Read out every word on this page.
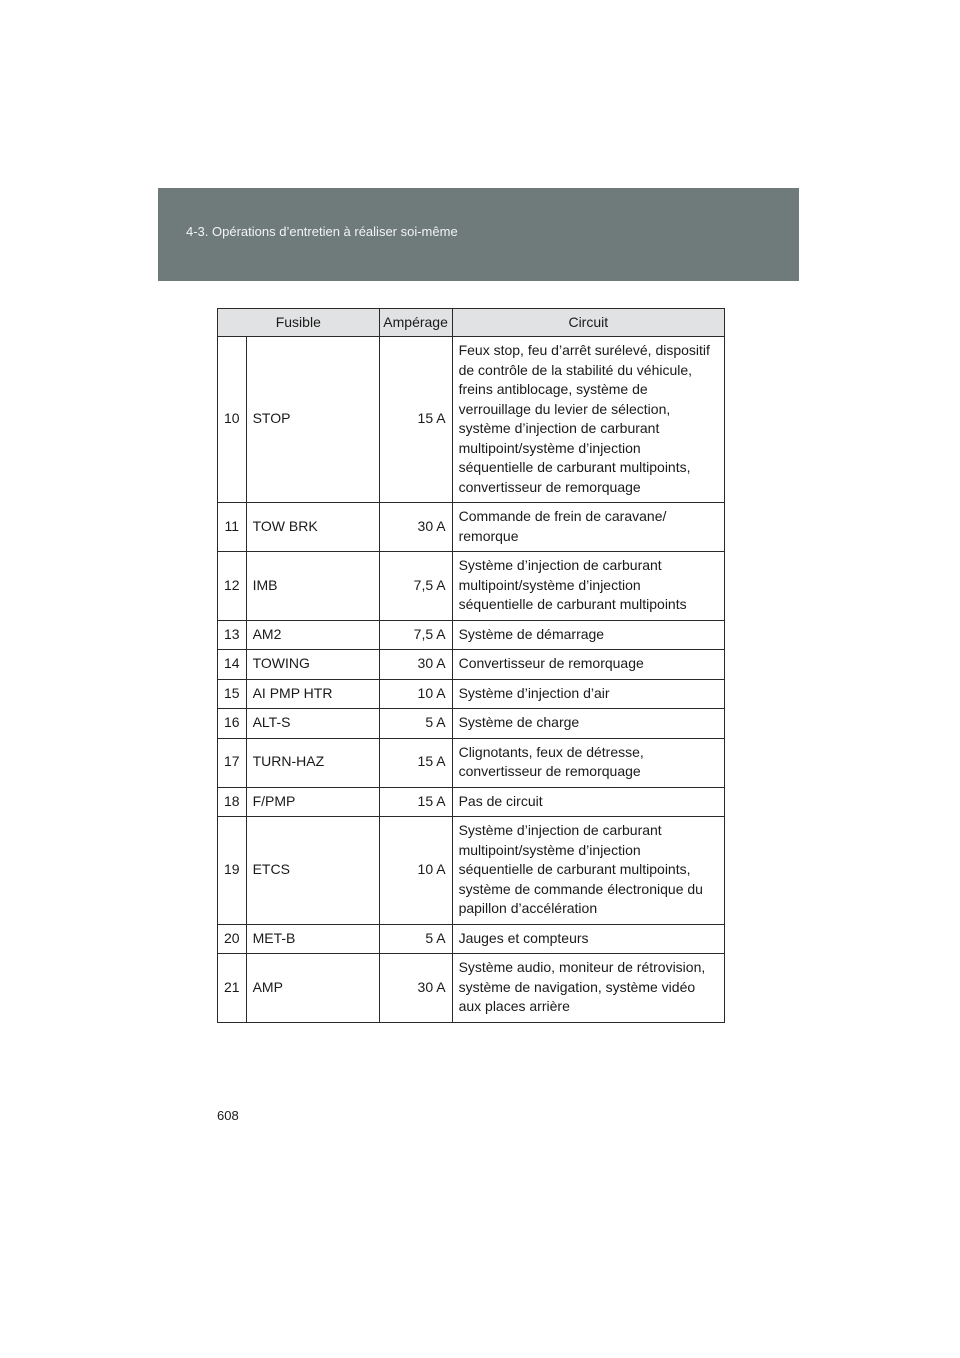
4-3. Opérations d’entretien à réaliser soi-même
Fusible		Ampérage	Circuit
10	STOP	15 A	Feux stop, feu d’arrêt surélevé, dispositif de contrôle de la stabilité du véhicule, freins antiblocage, système de verrouillage du levier de sélection, système d’injection de carburant multipoint/système d’injection séquentielle de carburant multipoints, convertisseur de remorquage
11	TOW BRK	30 A	Commande de frein de caravane/ remorque
12	IMB	7,5 A	Système d’injection de carburant multipoint/système d’injection séquentielle de carburant multipoints
13	AM2	7,5 A	Système de démarrage
14	TOWING	30 A	Convertisseur de remorquage
15	AI PMP HTR	10 A	Système d’injection d’air
16	ALT-S	5 A	Système de charge
17	TURN-HAZ	15 A	Clignotants, feux de détresse, convertisseur de remorquage
18	F/PMP	15 A	Pas de circuit
19	ETCS	10 A	Système d’injection de carburant multipoint/système d’injection séquentielle de carburant multipoints, système de commande électronique du papillon d’accélération
20	MET-B	5 A	Jauges et compteurs
21	AMP	30 A	Système audio, moniteur de rétrovision, système de navigation, système vidéo aux places arrière
608
